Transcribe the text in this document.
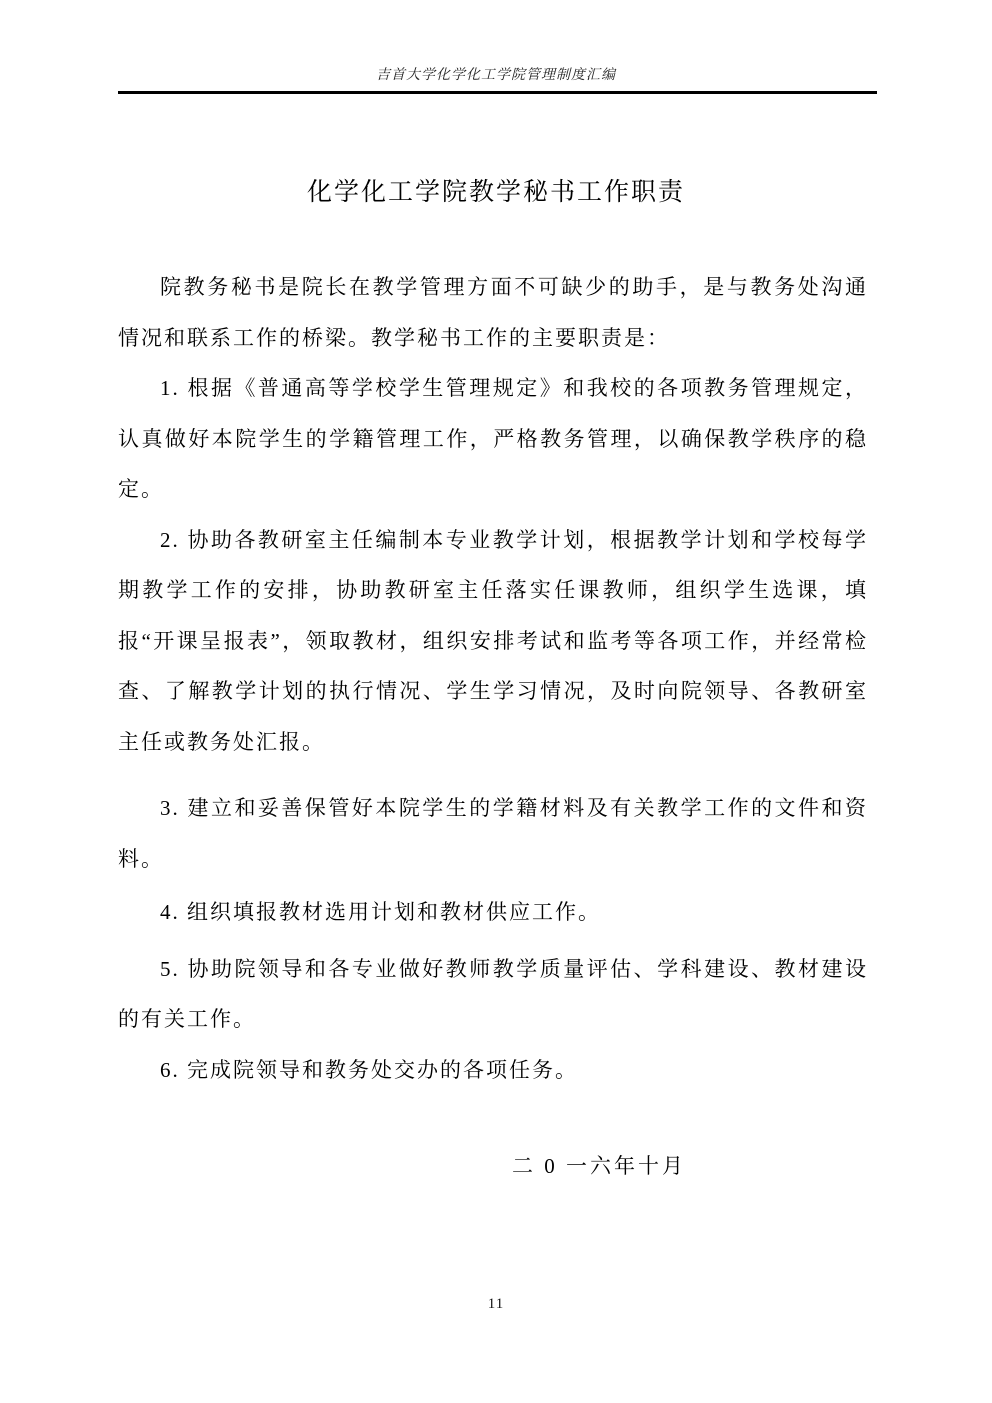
吉首大学化学化工学院管理制度汇编
化学化工学院教学秘书工作职责

院教务秘书是院长在教学管理方面不可缺少的助手，是与教务处沟通情况和联系工作的桥梁。教学秘书工作的主要职责是：

1. 根据《普通高等学校学生管理规定》和我校的各项教务管理规定，认真做好本院学生的学籍管理工作，严格教务管理，以确保教学秩序的稳定。

2. 协助各教研室主任编制本专业教学计划，根据教学计划和学校每学期教学工作的安排，协助教研室主任落实任课教师，组织学生选课，填报“开课呈报表”，领取教材，组织安排考试和监考等各项工作，并经常检查、了解教学计划的执行情况、学生学习情况，及时向院领导、各教研室主任或教务处汇报。

3. 建立和妥善保管好本院学生的学籍材料及有关教学工作的文件和资料。

4. 组织填报教材选用计划和教材供应工作。

5. 协助院领导和各专业做好教师教学质量评估、学科建设、教材建设的有关工作。

6. 完成院领导和教务处交办的各项任务。

二 0 一六年十月

11
